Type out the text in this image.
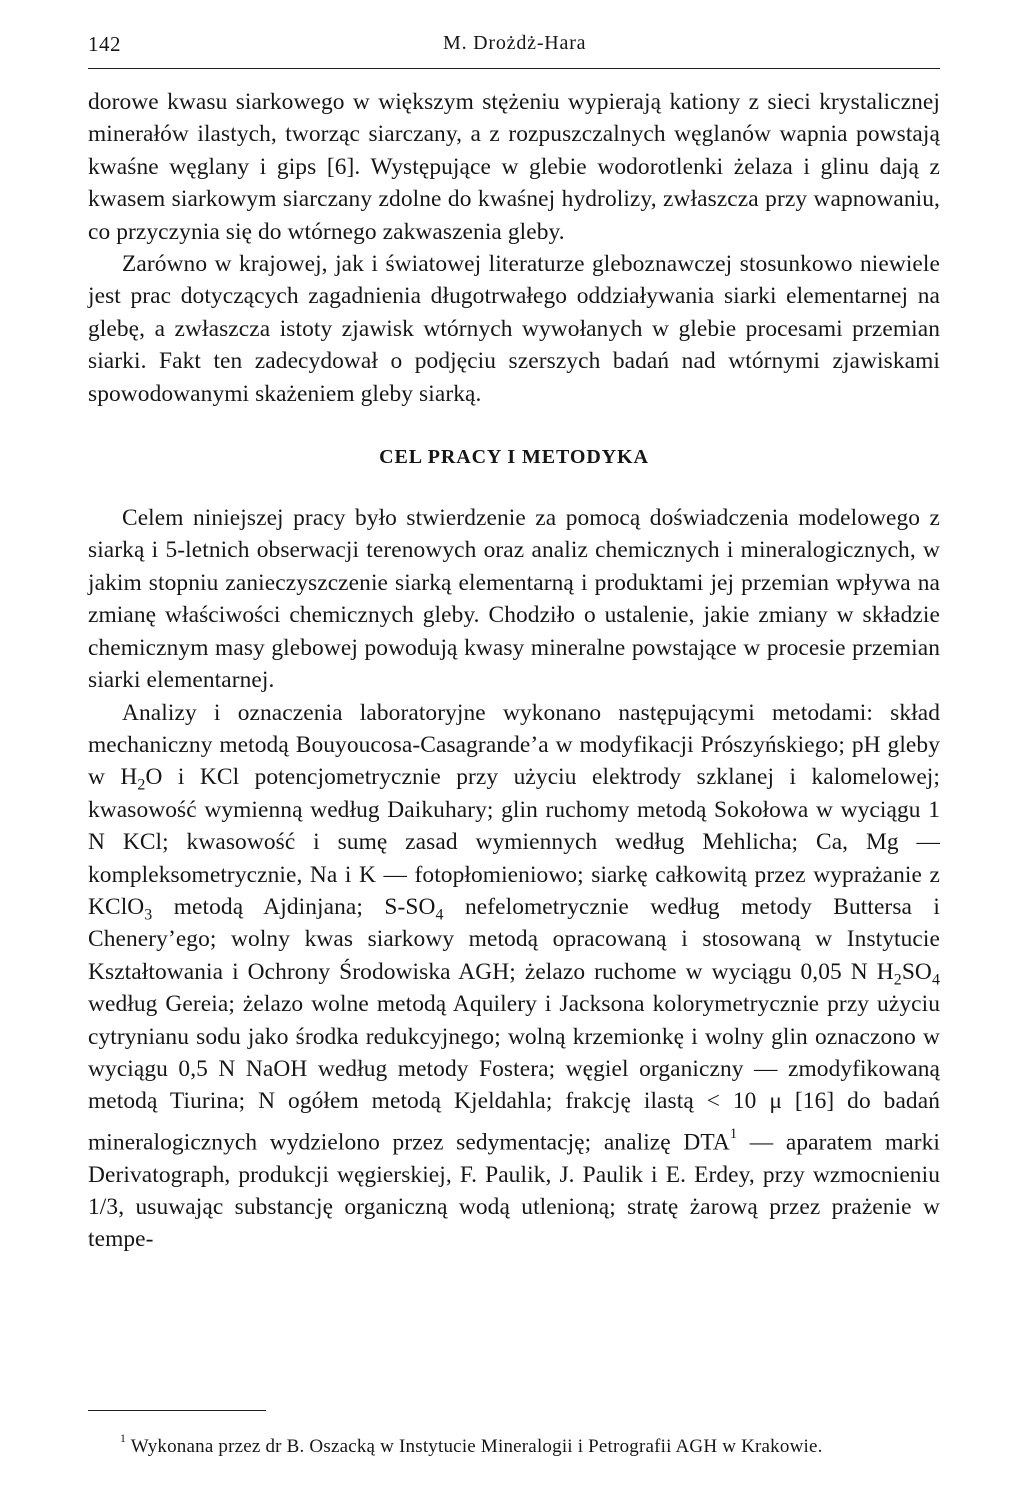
142	M. Drożdż-Hara

dorowe kwasu siarkowego w większym stężeniu wypierają kationy z sieci krystalicznej minerałów ilastych, tworząc siarczany, a z rozpuszczalnych węglanów wapnia powstają kwaśne węglany i gips [6]. Występujące w glebie wodorotlenki żelaza i glinu dają z kwasem siarkowym siarczany zdolne do kwaśnej hydrolizy, zwłaszcza przy wapnowaniu, co przyczynia się do wtórnego zakwaszenia gleby.

Zarówno w krajowej, jak i światowej literaturze gleboznawczej stosunkowo niewiele jest prac dotyczących zagadnienia długotrwałego oddziaływania siarki elementarnej na glebę, a zwłaszcza istoty zjawisk wtórnych wywołanych w glebie procesami przemian siarki. Fakt ten zadecydował o podjęciu szerszych badań nad wtórnymi zjawiskami spowodowanymi skażeniem gleby siarką.

CEL PRACY I METODYKA

Celem niniejszej pracy było stwierdzenie za pomocą doświadczenia modelowego z siarką i 5-letnich obserwacji terenowych oraz analiz chemicznych i mineralogicznych, w jakim stopniu zanieczyszczenie siarką elementarną i produktami jej przemian wpływa na zmianę właściwości chemicznych gleby. Chodziło o ustalenie, jakie zmiany w składzie chemicznym masy glebowej powodują kwasy mineralne powstające w procesie przemian siarki elementarnej.

Analizy i oznaczenia laboratoryjne wykonano następującymi metodami: skład mechaniczny metodą Bouyoucosa-Casagrande’a w modyfikacji Prószyńskiego; pH gleby w $H_2O$ i KCl potencjometrycznie przy użyciu elektrody szklanej i kalomelowej; kwasowość wymienną według Daikuhary; glin ruchomy metodą Sokołowa w wyciągu 1 N KCl; kwasowość i sumę zasad wymiennych według Mehlicha; Ca, Mg — kompleksometrycznie, Na i K — fotopłomieniowo; siarkę całkowitą przez wyprażanie z KClO$_3$ metodą Ajdinjana; $S-SO_4$ nefelometrycznie według metody Buttersa i Chenery’ego; wolny kwas siarkowy metodą opracowaną i stosowaną w Instytucie Kształtowania i Ochrony Środowiska AGH; żelazo ruchome w wyciągu 0,05 N $H_2SO_4$ według Gereia; żelazo wolne metodą Aquilery i Jacksona kolorymetrycznie przy użyciu cytrynianu sodu jako środka redukcyjnego; wolną krzemionkę i wolny glin oznaczono w wyciągu 0,5 N NaOH według metody Fostera; węgiel organiczny — zmodyfikowaną metodą Tiurina; N ogółem metodą Kjeldahla; frakcję ilastą < 10 μ [16] do badań mineralogicznych wydzielono przez sedymentację; analizę DTA$^1$ — aparatem marki Derivatograph, produkcji węgierskiej, F. Paulik, J. Paulik i E. Erdey, przy wzmocnieniu 1/3, usuwając substancję organiczną wodą utlenioną; stratę żarową przez prażenie w tempe-

$^1$ Wykonana przez dr B. Oszacką w Instytucie Mineralogii i Petrografii AGH w Krakowie.
